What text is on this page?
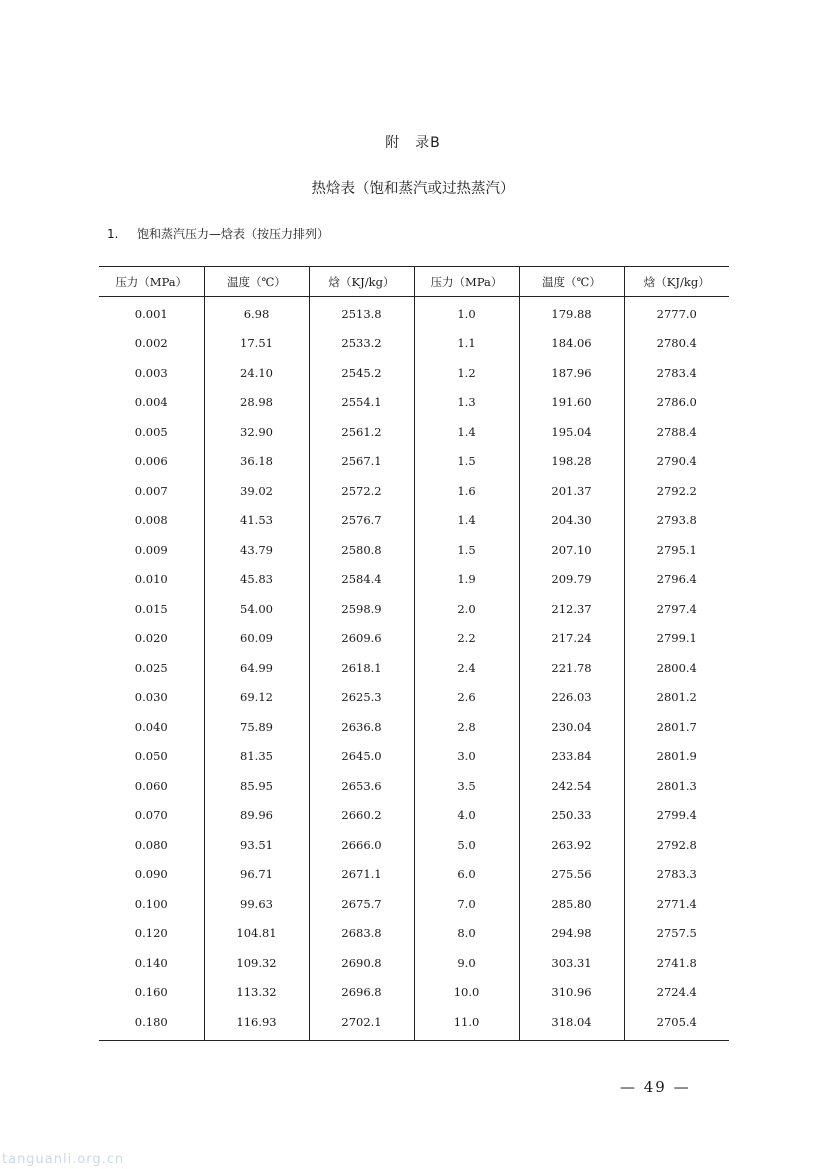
附　录B
热焓表（饱和蒸汽或过热蒸汽）
1. 饱和蒸汽压力—焓表（按压力排列）
压力（MPa）	温度（℃）	焓（KJ/kg）	压力（MPa）	温度（℃）	焓（KJ/kg）
0.001	6.98	2513.8	1.0	179.88	2777.0
0.002	17.51	2533.2	1.1	184.06	2780.4
0.003	24.10	2545.2	1.2	187.96	2783.4
0.004	28.98	2554.1	1.3	191.60	2786.0
0.005	32.90	2561.2	1.4	195.04	2788.4
0.006	36.18	2567.1	1.5	198.28	2790.4
0.007	39.02	2572.2	1.6	201.37	2792.2
0.008	41.53	2576.7	1.4	204.30	2793.8
0.009	43.79	2580.8	1.5	207.10	2795.1
0.010	45.83	2584.4	1.9	209.79	2796.4
0.015	54.00	2598.9	2.0	212.37	2797.4
0.020	60.09	2609.6	2.2	217.24	2799.1
0.025	64.99	2618.1	2.4	221.78	2800.4
0.030	69.12	2625.3	2.6	226.03	2801.2
0.040	75.89	2636.8	2.8	230.04	2801.7
0.050	81.35	2645.0	3.0	233.84	2801.9
0.060	85.95	2653.6	3.5	242.54	2801.3
0.070	89.96	2660.2	4.0	250.33	2799.4
0.080	93.51	2666.0	5.0	263.92	2792.8
0.090	96.71	2671.1	6.0	275.56	2783.3
0.100	99.63	2675.7	7.0	285.80	2771.4
0.120	104.81	2683.8	8.0	294.98	2757.5
0.140	109.32	2690.8	9.0	303.31	2741.8
0.160	113.32	2696.8	10.0	310.96	2724.4
0.180	116.93	2702.1	11.0	318.04	2705.4
— 49 —
tanguanli.org.cn
